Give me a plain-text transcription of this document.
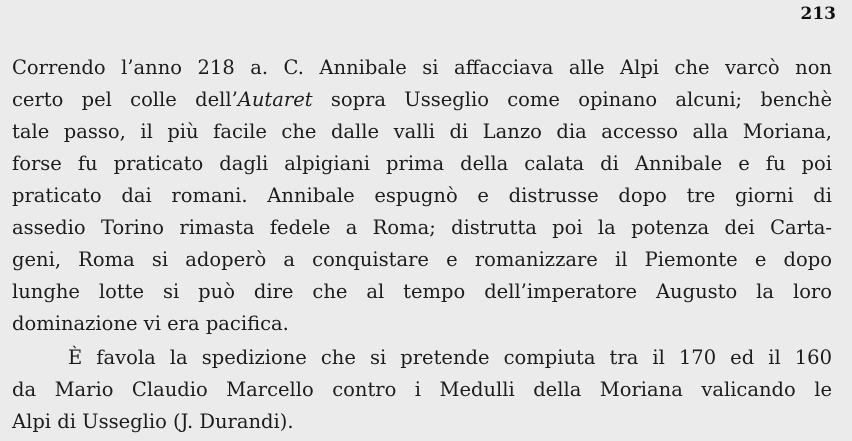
213
Correndo l’anno 218 a. C. Annibale si affacciava alle Alpi che varcò non
certo pel colle dell’Autaret sopra Usseglio come opinano alcuni; benchè
tale passo, il più facile che dalle valli di Lanzo dia accesso alla Moriana,
forse fu praticato dagli alpigiani prima della calata di Annibale e fu poi
praticato dai romani. Annibale espugnò e distrusse dopo tre giorni di
assedio Torino rimasta fedele a Roma; distrutta poi la potenza dei Carta-
geni, Roma si adoperò a conquistare e romanizzare il Piemonte e dopo
lunghe lotte si può dire che al tempo dell’imperatore Augusto la loro
dominazione vi era pacifica.
È favola la spedizione che si pretende compiuta tra il 170 ed il 160
da Mario Claudio Marcello contro i Medulli della Moriana valicando le
Alpi di Usseglio (J. Durandi).
